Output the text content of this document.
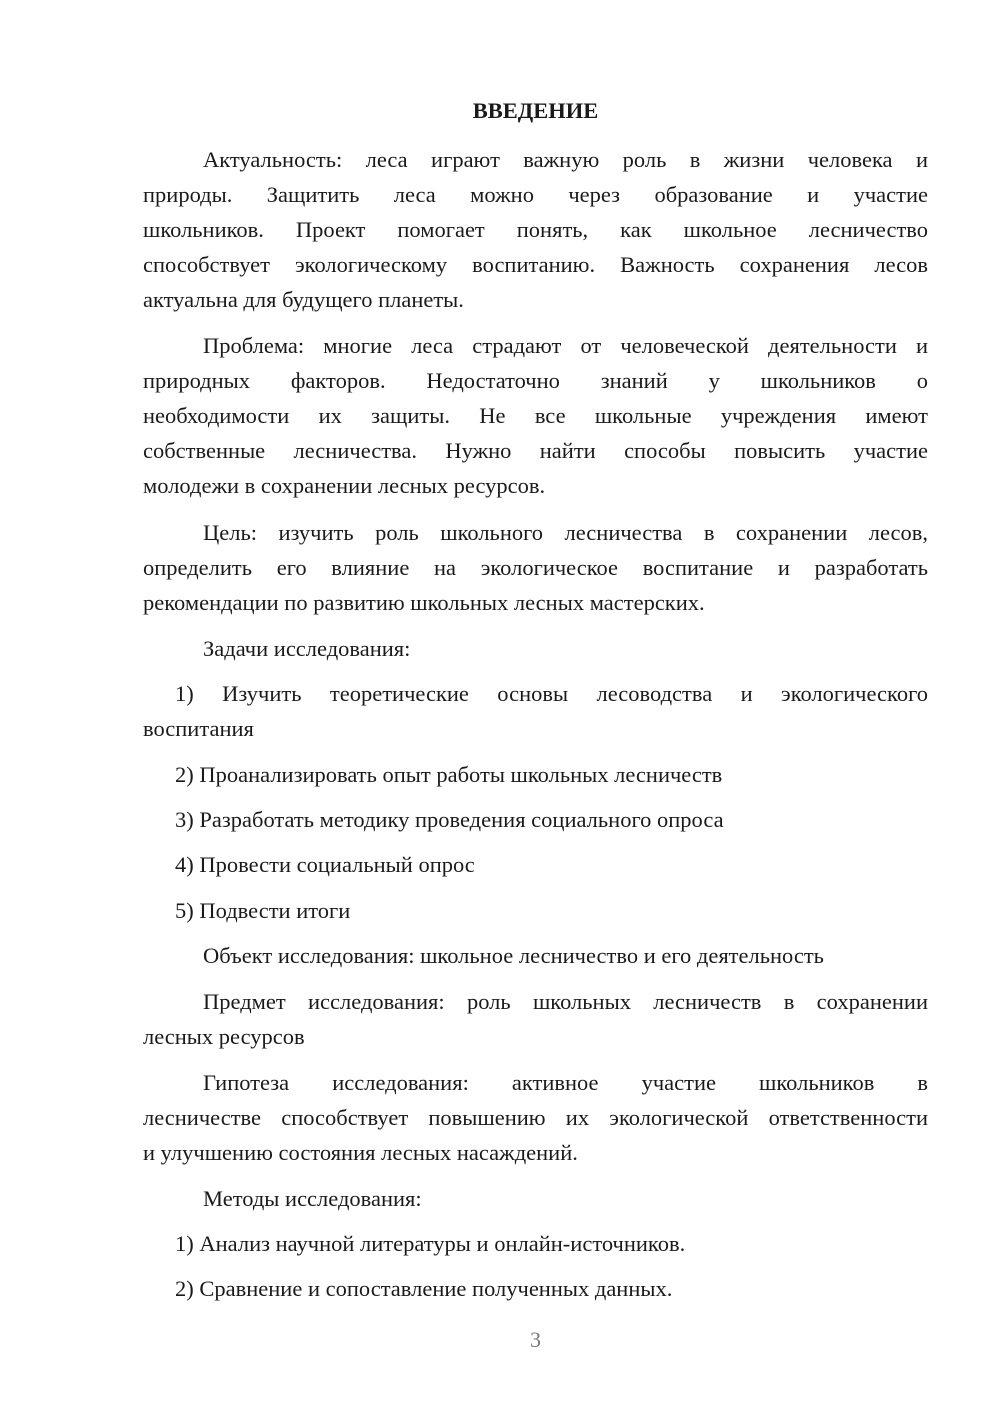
ВВЕДЕНИЕ
Актуальность: леса играют важную роль в жизни человека и
природы. Защитить леса можно через образование и участие
школьников. Проект помогает понять, как школьное лесничество
способствует экологическому воспитанию. Важность сохранения лесов
актуальна для будущего планеты.
Проблема: многие леса страдают от человеческой деятельности и
природных факторов. Недостаточно знаний у школьников о
необходимости их защиты. Не все школьные учреждения имеют
собственные лесничества. Нужно найти способы повысить участие
молодежи в сохранении лесных ресурсов.
Цель: изучить роль школьного лесничества в сохранении лесов,
определить его влияние на экологическое воспитание и разработать
рекомендации по развитию школьных лесных мастерских.
Задачи исследования:
1) Изучить теоретические основы лесоводства и экологического
воспитания
2) Проанализировать опыт работы школьных лесничеств
3) Разработать методику проведения социального опроса
4) Провести социальный опрос
5) Подвести итоги
Объект исследования: школьное лесничество и его деятельность
Предмет исследования: роль школьных лесничеств в сохранении
лесных ресурсов
Гипотеза исследования: активное участие школьников в
лесничестве способствует повышению их экологической ответственности
и улучшению состояния лесных насаждений.
Методы исследования:
1) Анализ научной литературы и онлайн-источников.
2) Сравнение и сопоставление полученных данных.
3
